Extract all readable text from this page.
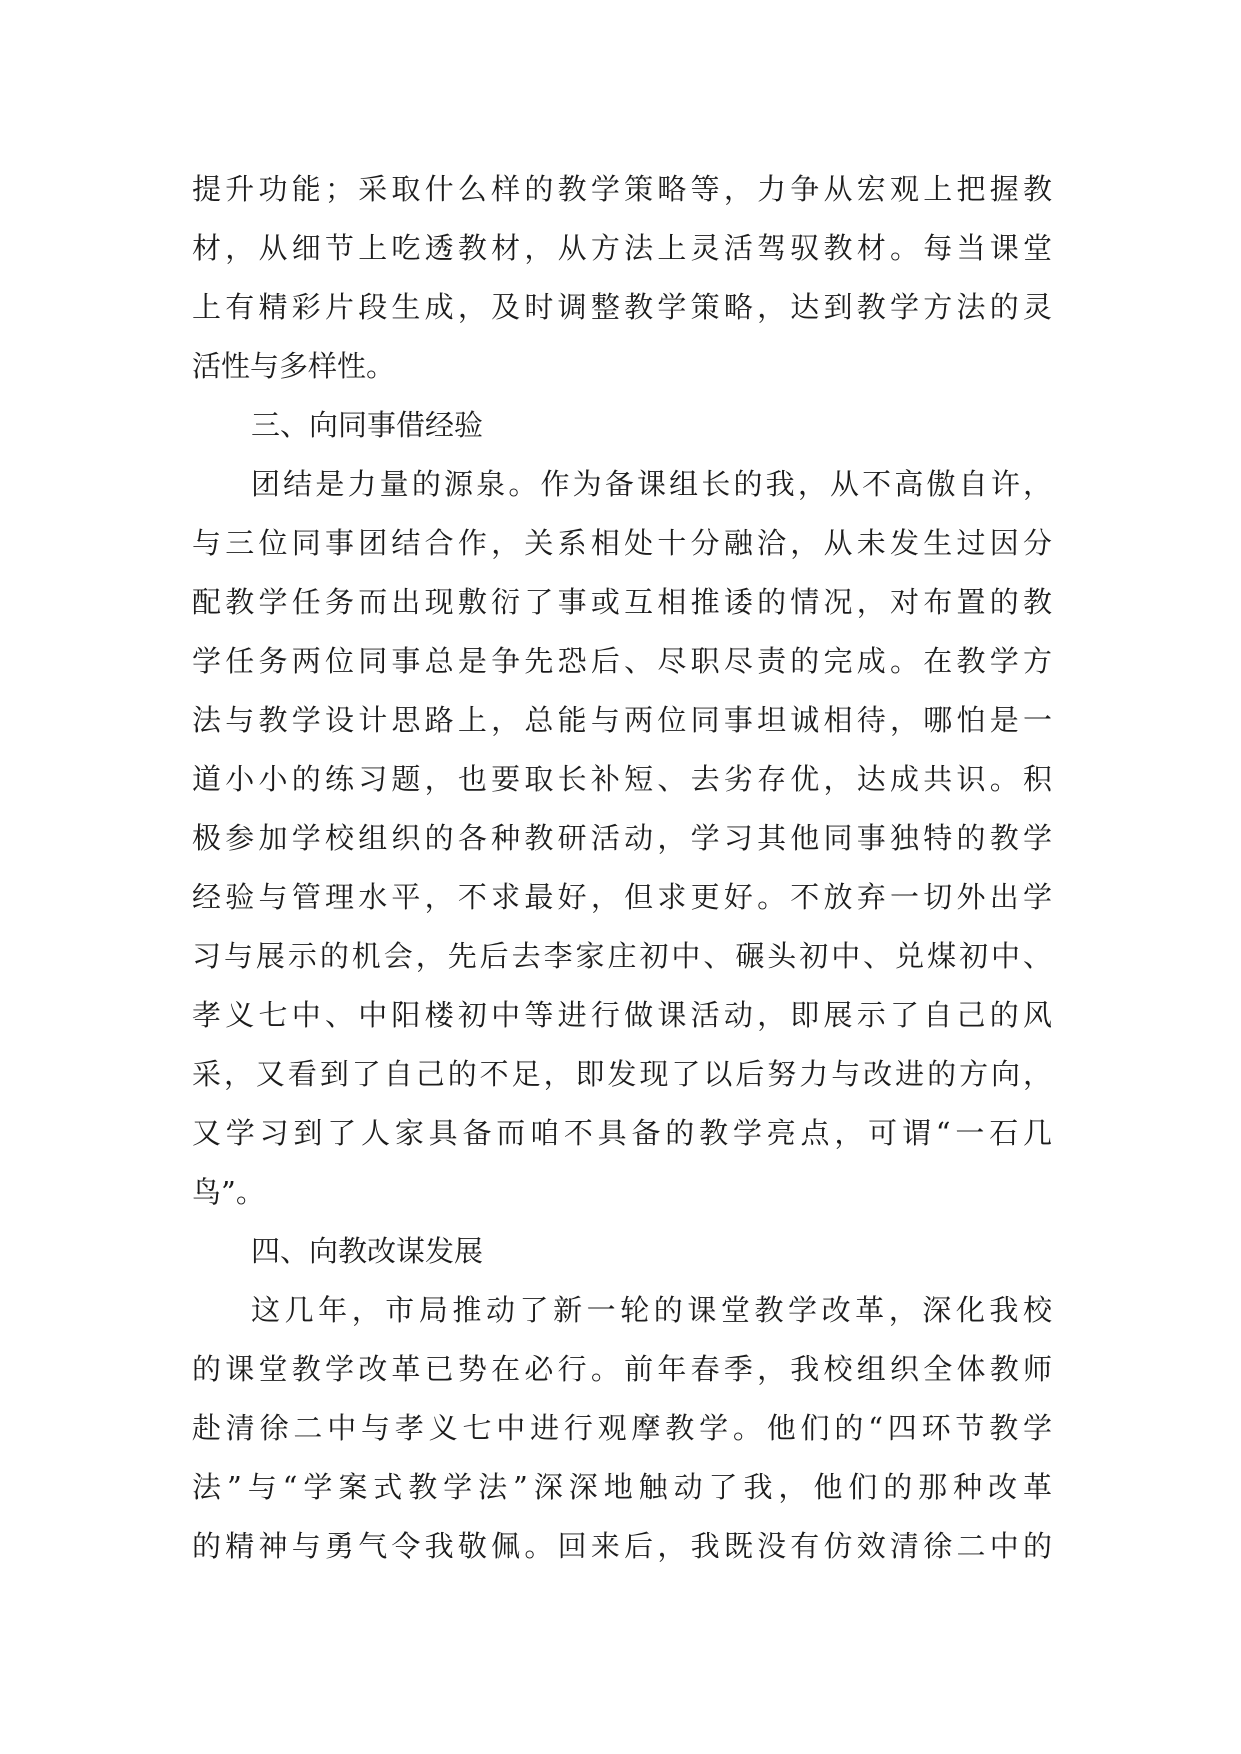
提升功能；采取什么样的教学策略等，力争从宏观上把握教
材，从细节上吃透教材，从方法上灵活驾驭教材。每当课堂
上有精彩片段生成，及时调整教学策略，达到教学方法的灵
活性与多样性。
三、向同事借经验
团结是力量的源泉。作为备课组长的我，从不高傲自许，
与三位同事团结合作，关系相处十分融洽，从未发生过因分
配教学任务而出现敷衍了事或互相推诿的情况，对布置的教
学任务两位同事总是争先恐后、尽职尽责的完成。在教学方
法与教学设计思路上，总能与两位同事坦诚相待，哪怕是一
道小小的练习题，也要取长补短、去劣存优，达成共识。积
极参加学校组织的各种教研活动，学习其他同事独特的教学
经验与管理水平，不求最好，但求更好。不放弃一切外出学
习与展示的机会，先后去李家庄初中、碾头初中、兑煤初中、
孝义七中、中阳楼初中等进行做课活动，即展示了自己的风
采，又看到了自己的不足，即发现了以后努力与改进的方向，
又学习到了人家具备而咱不具备的教学亮点，可谓“一石几
鸟”。
四、向教改谋发展
这几年，市局推动了新一轮的课堂教学改革，深化我校
的课堂教学改革已势在必行。前年春季，我校组织全体教师
赴清徐二中与孝义七中进行观摩教学。他们的“四环节教学
法”与“学案式教学法”深深地触动了我，他们的那种改革
的精神与勇气令我敬佩。回来后，我既没有仿效清徐二中的
